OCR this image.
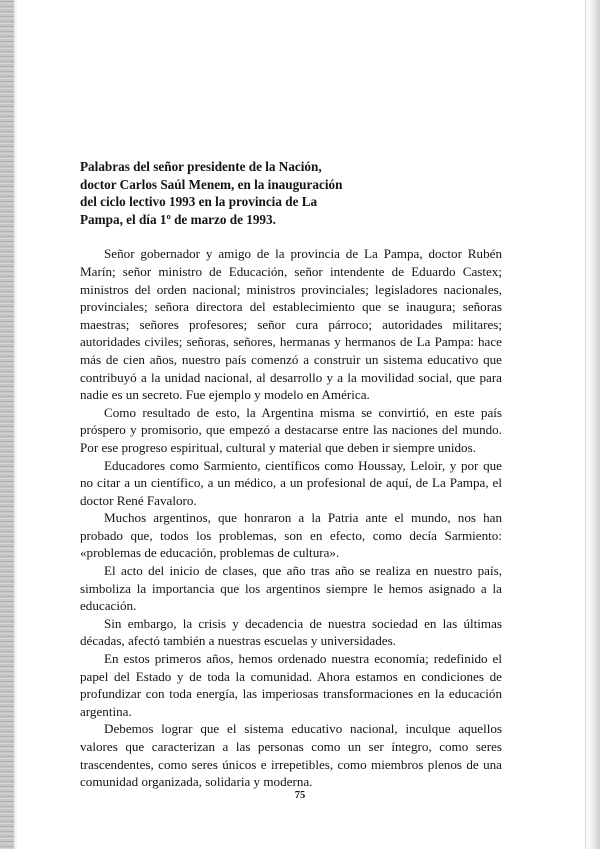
Palabras del señor presidente de la Nación,
doctor Carlos Saúl Menem, en la inauguración
del ciclo lectivo 1993 en la provincia de La
Pampa, el día 1º de marzo de 1993.

Señor gobernador y amigo de la provincia de La Pampa, doctor Rubén Marín; señor ministro de Educación, señor intendente de Eduardo Castex; ministros del orden nacional; ministros provinciales; legisladores nacionales, provinciales; señora directora del establecimiento que se inaugura; señoras maestras; señores profesores; señor cura párroco; autoridades militares; autoridades civiles; señoras, señores, hermanas y hermanos de La Pampa: hace más de cien años, nuestro país comenzó a construir un sistema educativo que contribuyó a la unidad nacional, al desarrollo y a la movilidad social, que para nadie es un secreto. Fue ejemplo y modelo en América.

Como resultado de esto, la Argentina misma se convirtió, en este país próspero y promisorio, que empezó a destacarse entre las naciones del mundo. Por ese progreso espiritual, cultural y material que deben ir siempre unidos.

Educadores como Sarmiento, científicos como Houssay, Leloir, y por que no citar a un científico, a un médico, a un profesional de aquí, de La Pampa, el doctor René Favaloro.

Muchos argentinos, que honraron a la Patria ante el mundo, nos han probado que, todos los problemas, son en efecto, como decía Sarmiento: «problemas de educación, problemas de cultura».

El acto del inicio de clases, que año tras año se realiza en nuestro país, simboliza la importancia que los argentinos siempre le hemos asignado a la educación.

Sin embargo, la crisis y decadencia de nuestra sociedad en las últimas décadas, afectó también a nuestras escuelas y universidades.

En estos primeros años, hemos ordenado nuestra economía; redefinido el papel del Estado y de toda la comunidad. Ahora estamos en condiciones de profundizar con toda energía, las imperiosas transformaciones en la educación argentina.

Debemos lograr que el sistema educativo nacional, inculque aquellos valores que caracterizan a las personas como un ser íntegro, como seres trascendentes, como seres únicos e irrepetibles, como miembros plenos de una comunidad organizada, solidaria y moderna.

75
